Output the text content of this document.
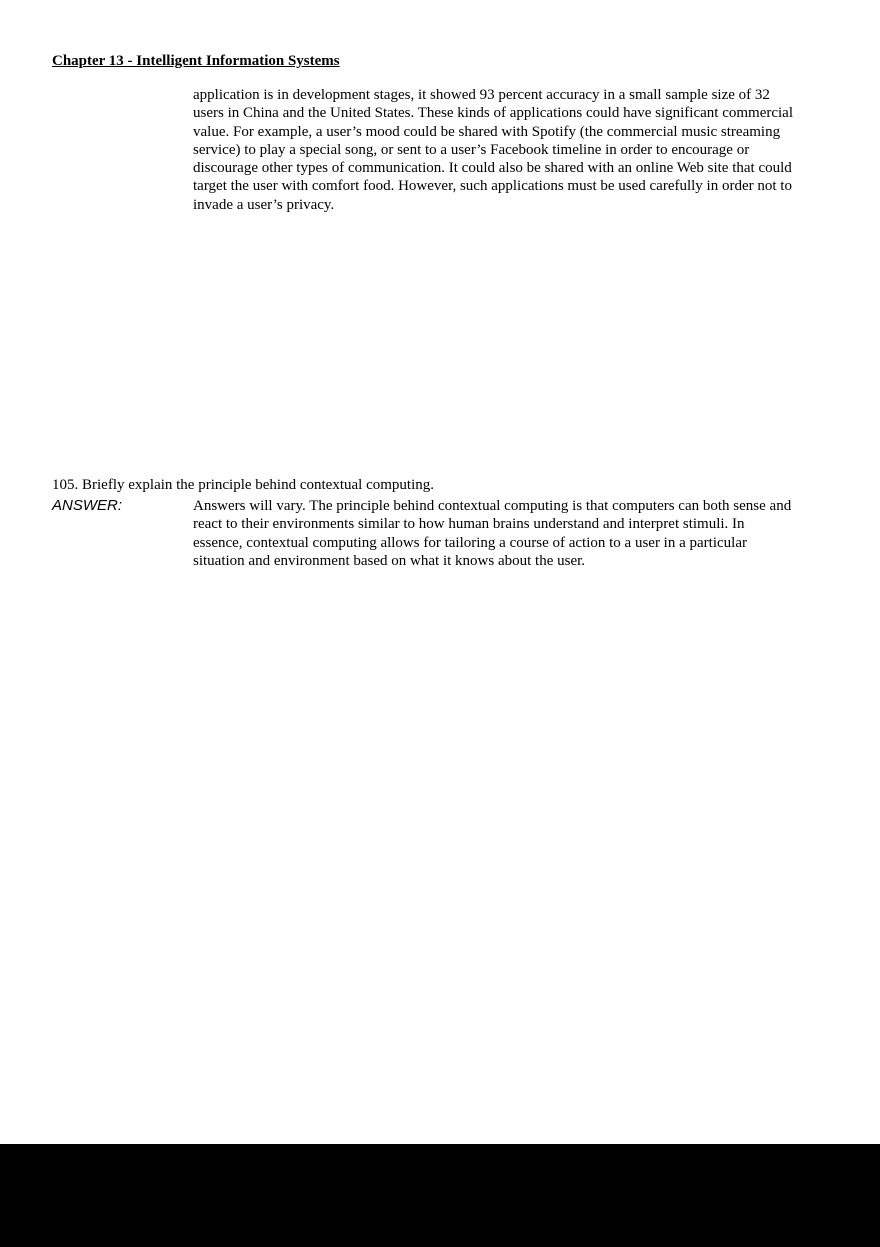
Chapter 13 - Intelligent Information Systems
application is in development stages, it showed 93 percent accuracy in a small sample size of 32
users in China and the United States. These kinds of applications could have significant commercial
value. For example, a user’s mood could be shared with Spotify (the commercial music streaming
service) to play a special song, or sent to a user’s Facebook timeline in order to encourage or
discourage other types of communication. It could also be shared with an online Web site that could
target the user with comfort food. However, such applications must be used carefully in order not to
invade a user’s privacy.
105. Briefly explain the principle behind contextual computing.
ANSWER:	Answers will vary. The principle behind contextual computing is that computers can both sense and
react to their environments similar to how human brains understand and interpret stimuli. In
essence, contextual computing allows for tailoring a course of action to a user in a particular
situation and environment based on what it knows about the user.
